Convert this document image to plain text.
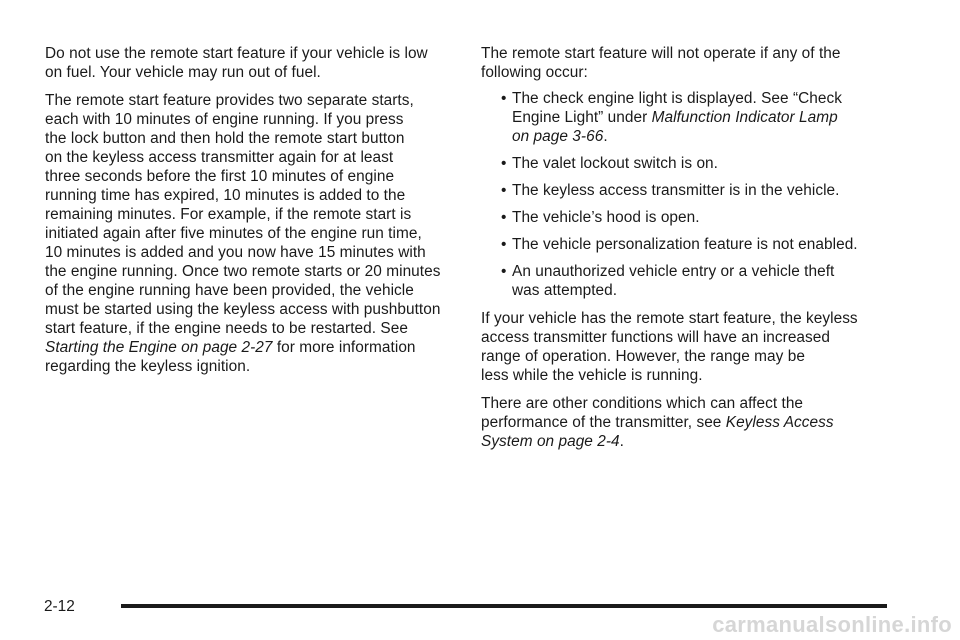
Do not use the remote start feature if your vehicle is low
on fuel. Your vehicle may run out of fuel.

The remote start feature provides two separate starts,
each with 10 minutes of engine running. If you press
the lock button and then hold the remote start button
on the keyless access transmitter again for at least
three seconds before the first 10 minutes of engine
running time has expired, 10 minutes is added to the
remaining minutes. For example, if the remote start is
initiated again after five minutes of the engine run time,
10 minutes is added and you now have 15 minutes with
the engine running. Once two remote starts or 20 minutes
of the engine running have been provided, the vehicle
must be started using the keyless access with pushbutton
start feature, if the engine needs to be restarted. See
Starting the Engine on page 2-27 for more information
regarding the keyless ignition.

The remote start feature will not operate if any of the
following occur:

• The check engine light is displayed. See “Check
Engine Light” under Malfunction Indicator Lamp
on page 3-66.
• The valet lockout switch is on.
• The keyless access transmitter is in the vehicle.
• The vehicle’s hood is open.
• The vehicle personalization feature is not enabled.
• An unauthorized vehicle entry or a vehicle theft
was attempted.

If your vehicle has the remote start feature, the keyless
access transmitter functions will have an increased
range of operation. However, the range may be
less while the vehicle is running.

There are other conditions which can affect the
performance of the transmitter, see Keyless Access
System on page 2-4.

2-12
carmanualsonline.info
